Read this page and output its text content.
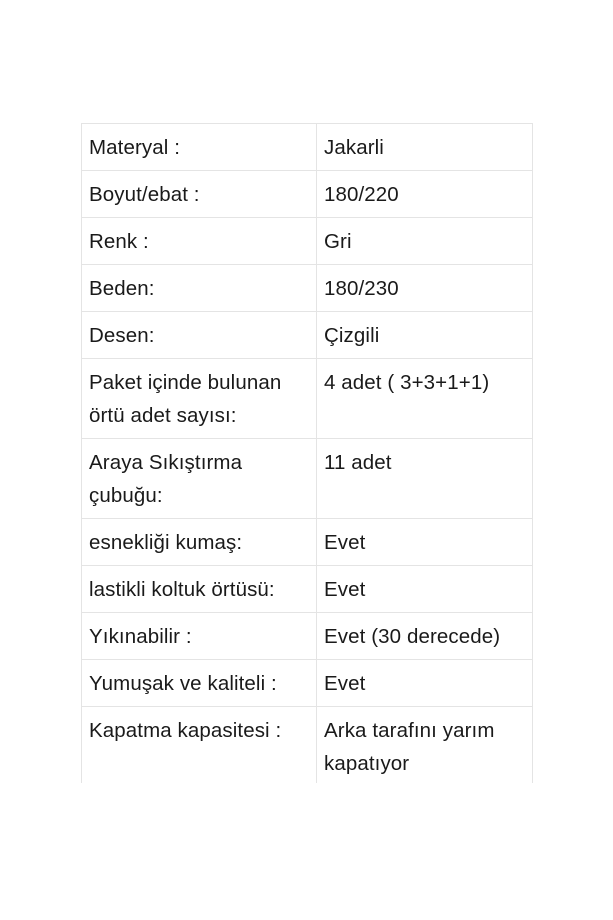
Materyal :	Jakarli
Boyut/ebat :	180/220
Renk :	Gri
Beden:	180/230
Desen:	Çizgili
Paket içinde bulunan örtü adet sayısı:	4 adet ( 3+3+1+1)
Araya Sıkıştırma çubuğu:	11 adet
esnekliği kumaş:	Evet
lastikli koltuk örtüsü:	Evet
Yıkınabilir :	Evet (30 derecede)
Yumuşak ve kaliteli :	Evet
Kapatma kapasitesi :	Arka tarafını yarım kapatıyor
